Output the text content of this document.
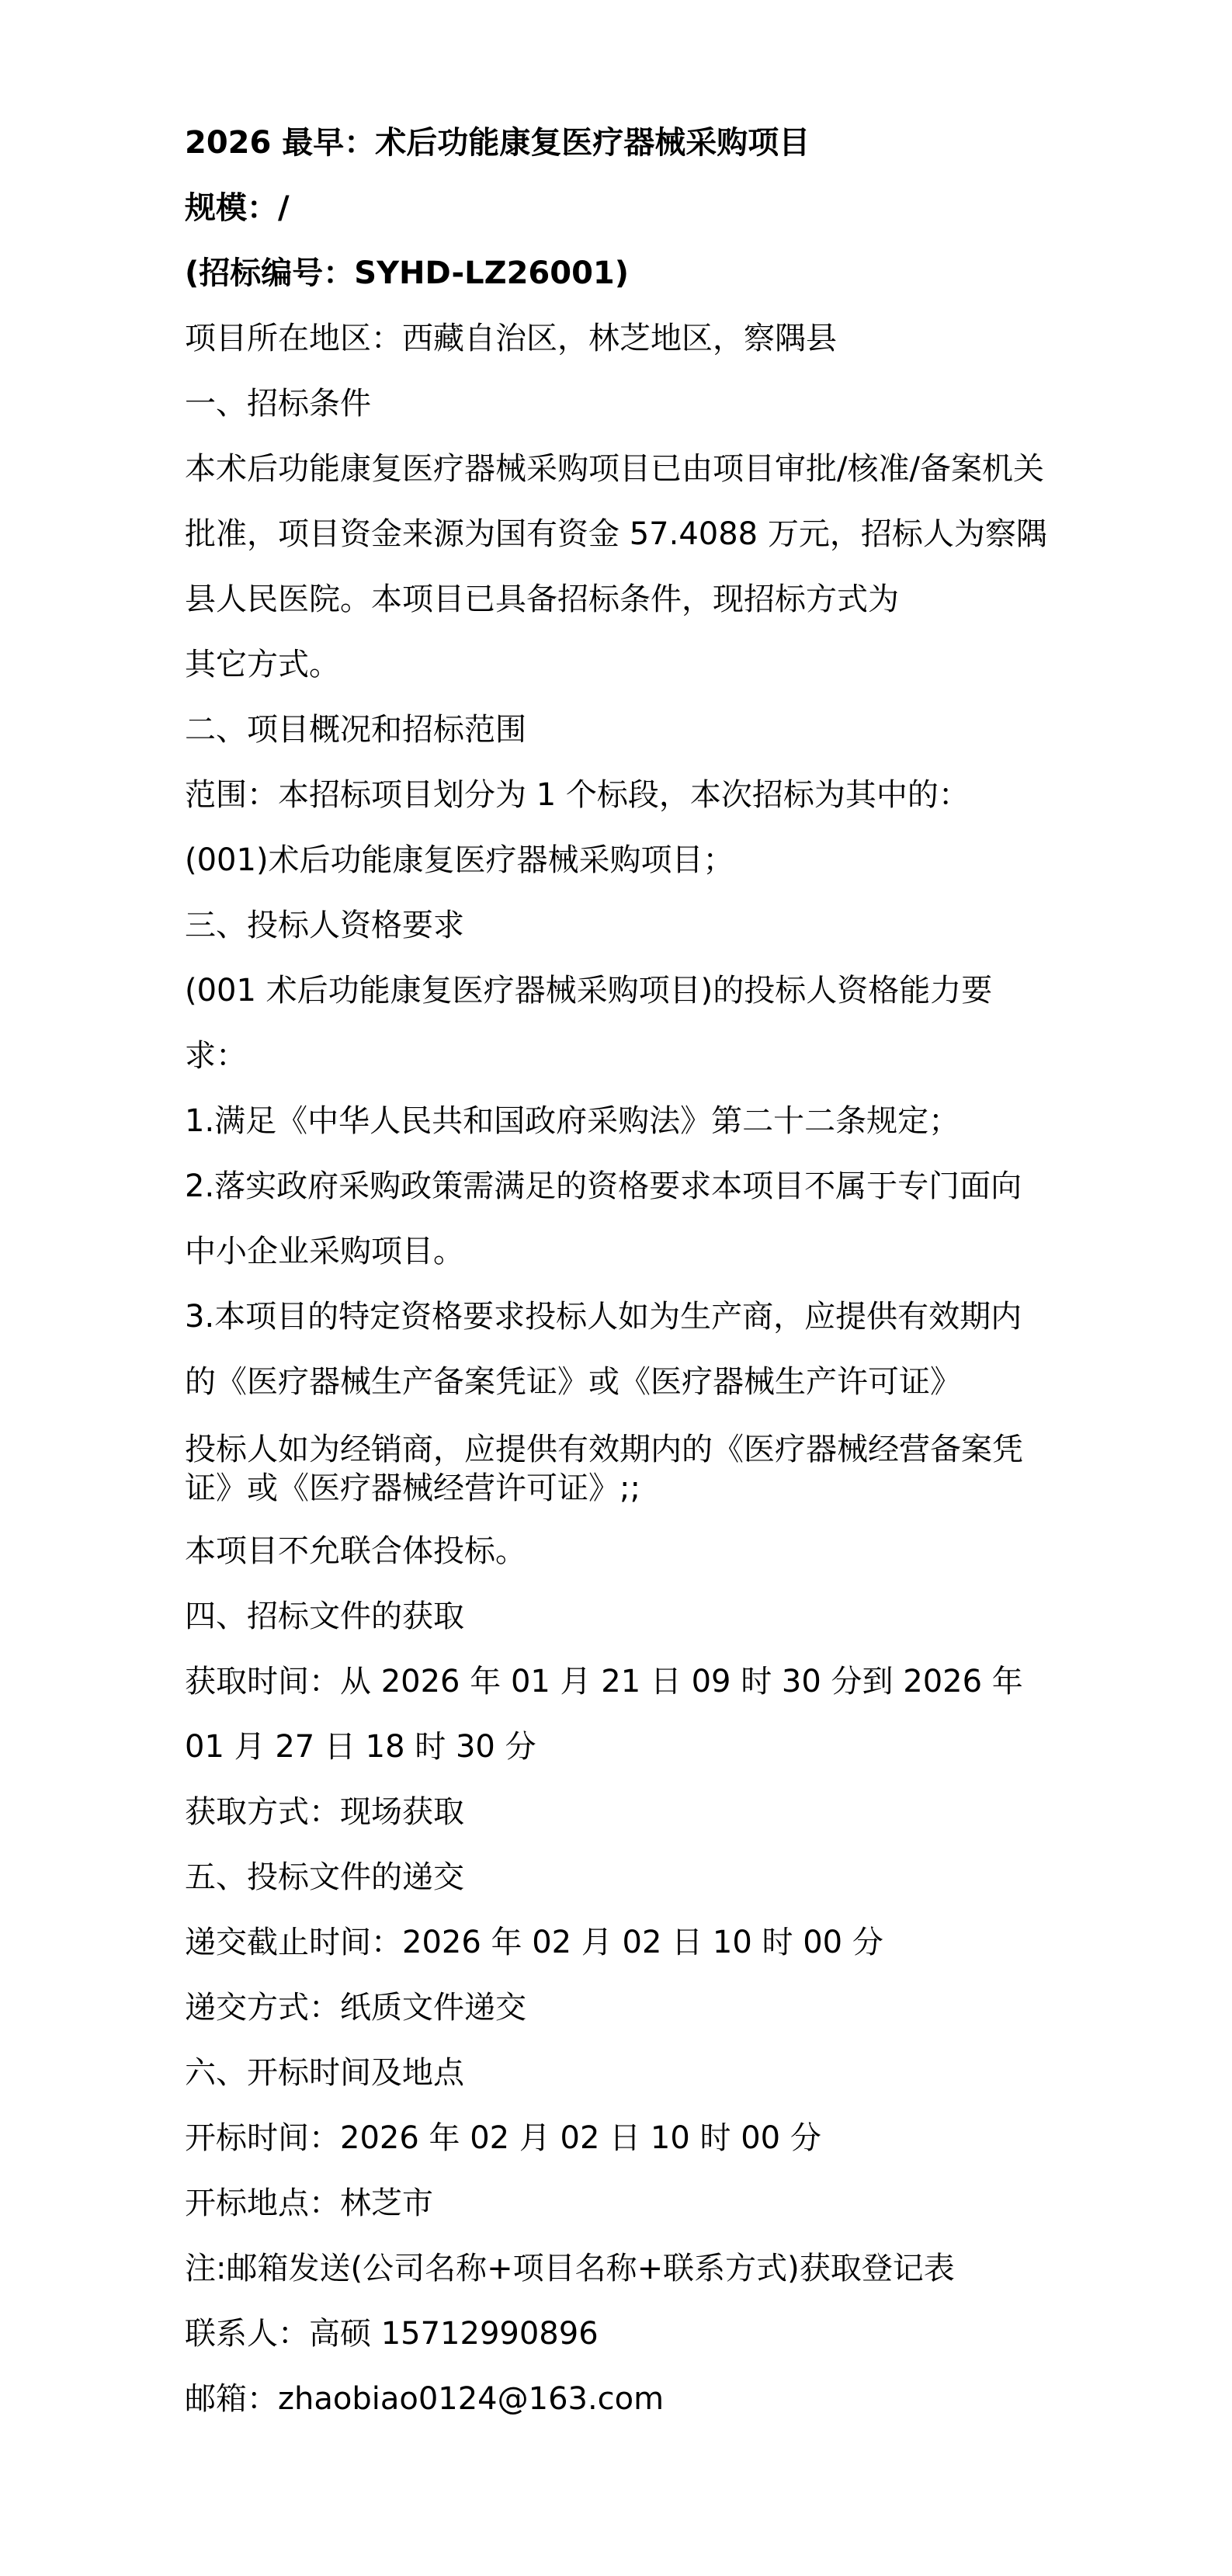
2026 最早：术后功能康复医疗器械采购项目
规模：/
(招标编号：SYHD-LZ26001)
项目所在地区：西藏自治区，林芝地区，察隅县
一、招标条件
本术后功能康复医疗器械采购项目已由项目审批/核准/备案机关批准，项目资金来源为国有资金 57.4088 万元，招标人为察隅县人民医院。本项目已具备招标条件，现招标方式为
其它方式。
二、项目概况和招标范围
范围：本招标项目划分为 1 个标段，本次招标为其中的：
(001)术后功能康复医疗器械采购项目；
三、投标人资格要求
(001 术后功能康复医疗器械采购项目)的投标人资格能力要求：
1.满足《中华人民共和国政府采购法》第二十二条规定；
2.落实政府采购政策需满足的资格要求本项目不属于专门面向中小企业采购项目。
3.本项目的特定资格要求投标人如为生产商，应提供有效期内的《医疗器械生产备案凭证》或《医疗器械生产许可证》
投标人如为经销商，应提供有效期内的《医疗器械经营备案凭证》或《医疗器械经营许可证》;;
本项目不允联合体投标。
四、招标文件的获取
获取时间：从 2026 年 01 月 21 日 09 时 30 分到 2026 年 01 月 27 日 18 时 30 分
获取方式：现场获取
五、投标文件的递交
递交截止时间：2026 年 02 月 02 日 10 时 00 分
递交方式：纸质文件递交
六、开标时间及地点
开标时间：2026 年 02 月 02 日 10 时 00 分
开标地点：林芝市
注:邮箱发送(公司名称+项目名称+联系方式)获取登记表
联系人：高硕 15712990896
邮箱：zhaobiao0124@163.com
